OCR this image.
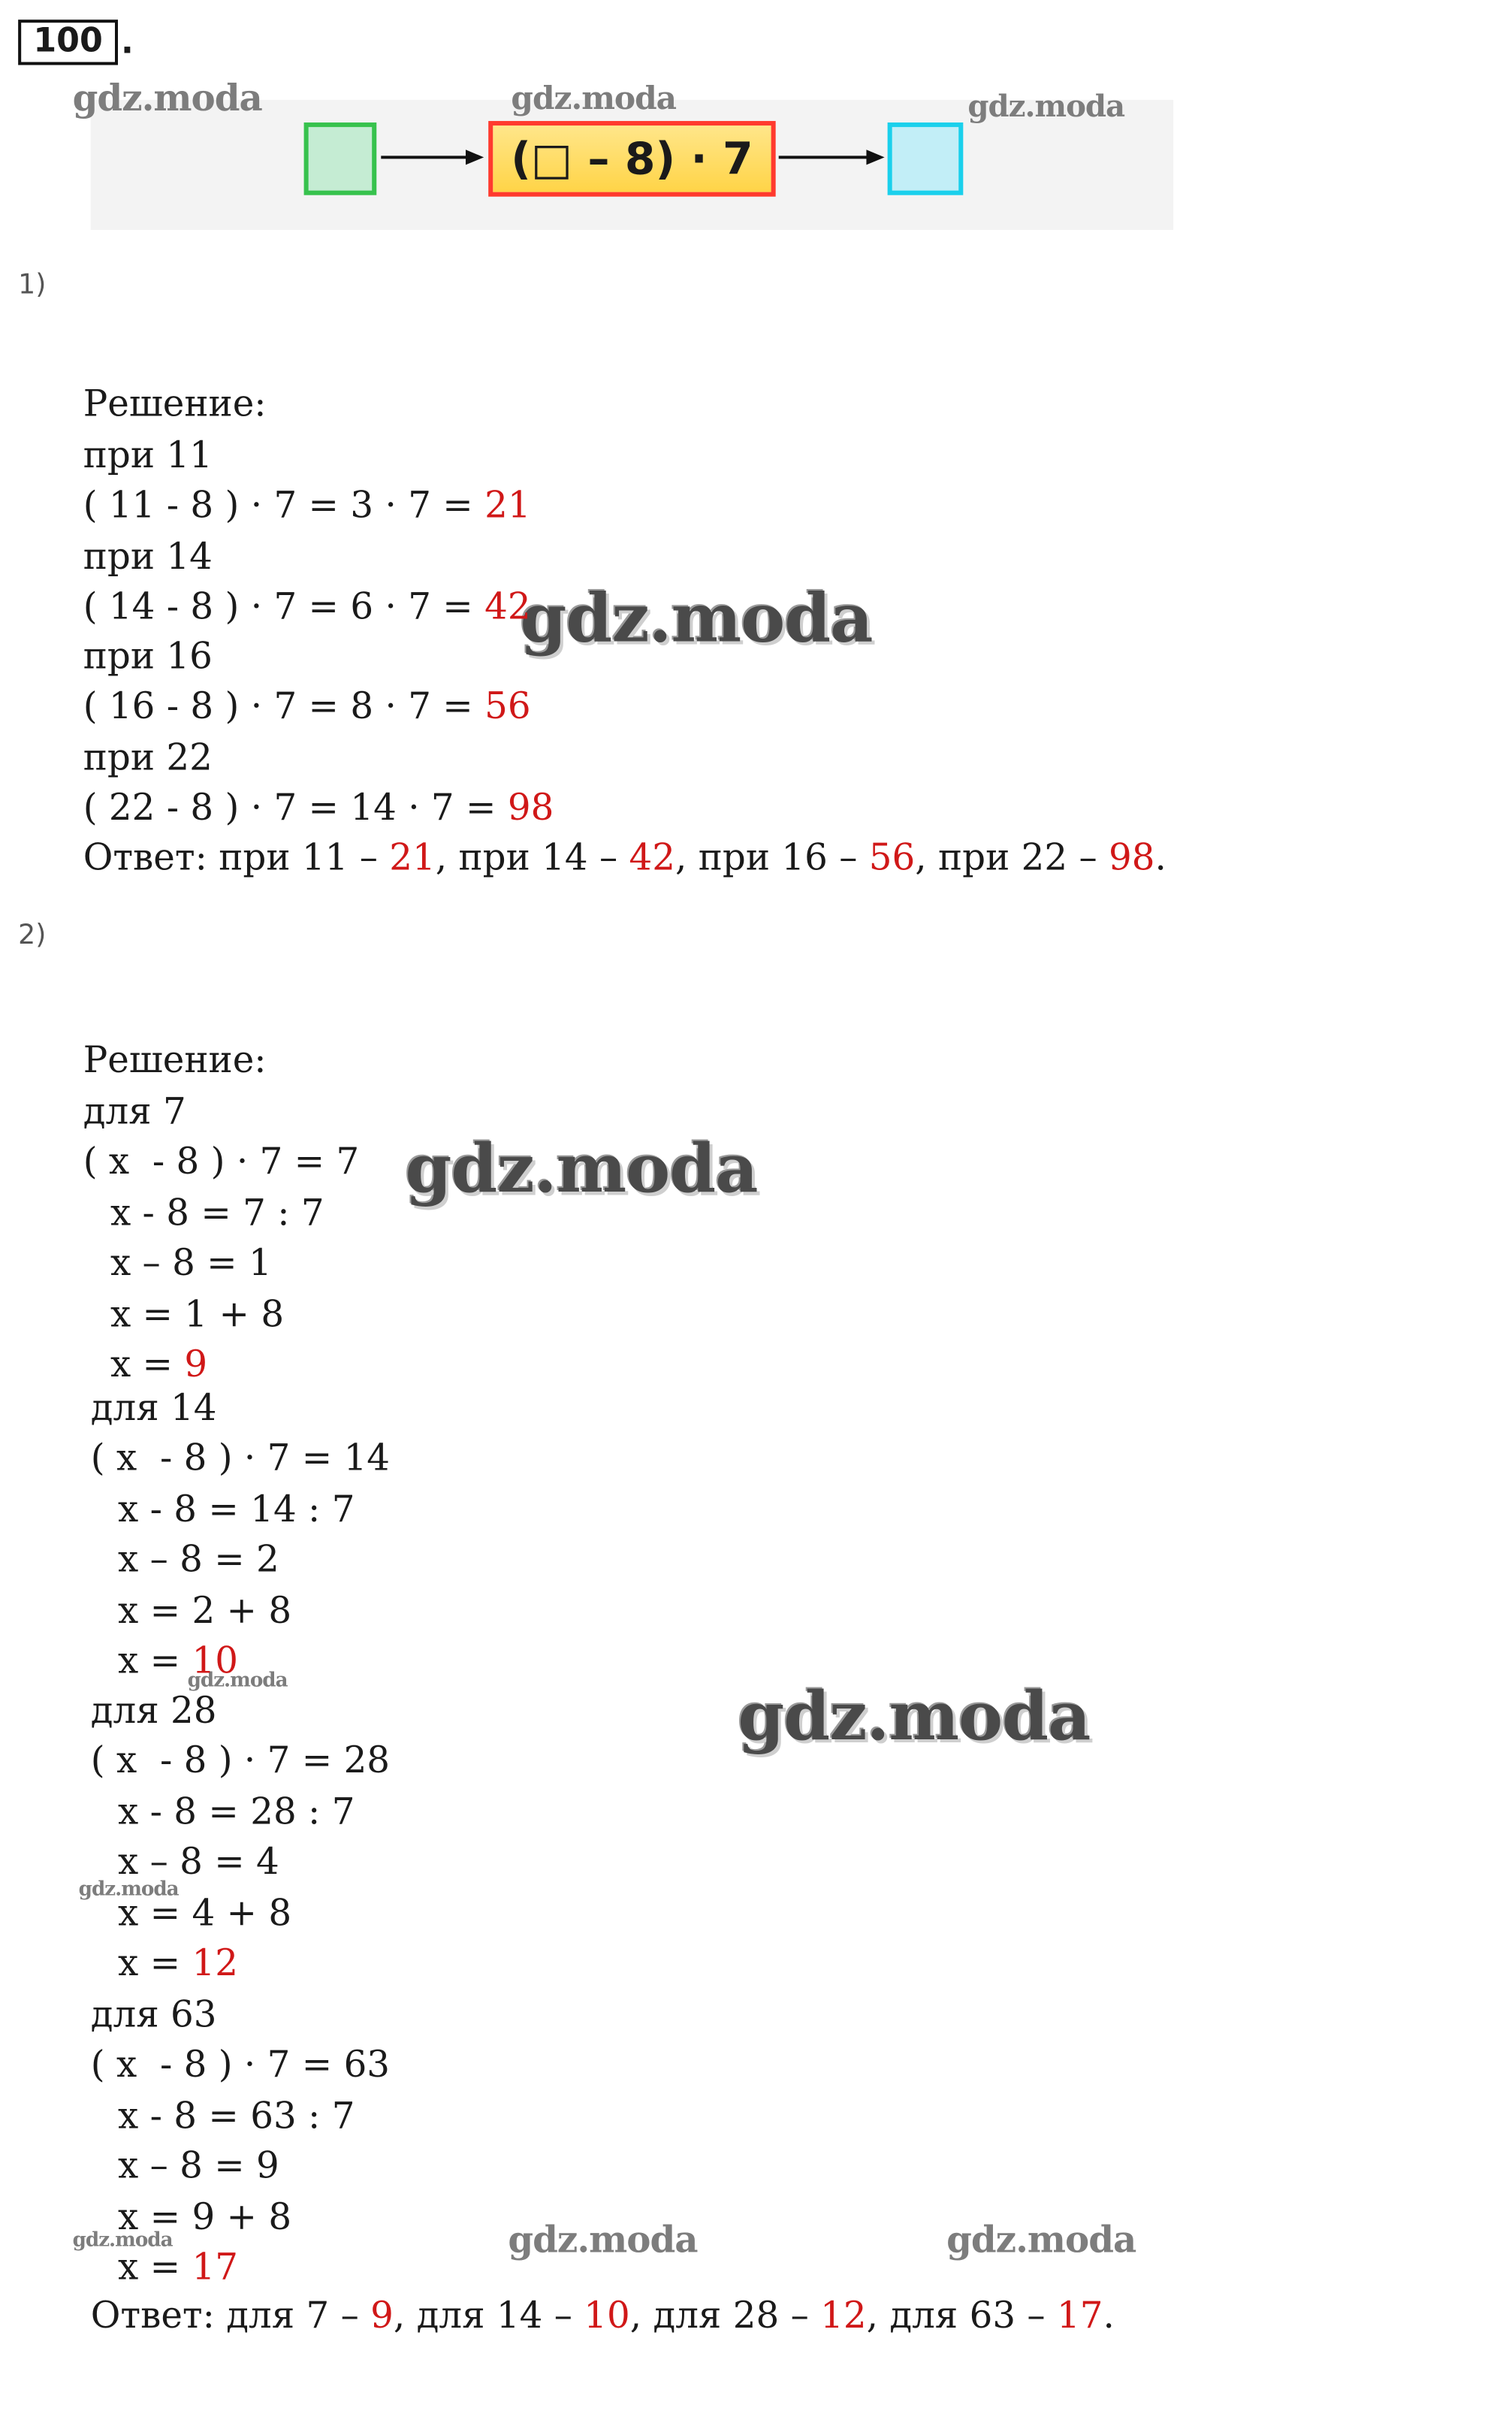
100	.
(□ – 8) · 7
gdz.moda	gdz.moda	gdz.moda
gdz.moda
gdz.moda
gdz.moda
gdz.moda
gdz.moda
gdz.moda	gdz.moda	gdz.moda
1)
Решение:
при 11
( 11 - 8 ) · 7 = 3 · 7 = 21
при 14
( 14 - 8 ) · 7 = 6 · 7 = 42
при 16
( 16 - 8 ) · 7 = 8 · 7 = 56
при 22
( 22 - 8 ) · 7 = 14 · 7 = 98
Ответ: при 11 – 21, при 14 – 42, при 16 – 56, при 22 – 98.
2)
Решение:
для 7
( x  - 8 ) · 7 = 7
x - 8 = 7 : 7
x – 8 = 1
x = 1 + 8
x = 9
для 14
( x  - 8 ) · 7 = 14
x - 8 = 14 : 7
x – 8 = 2
x = 2 + 8
x = 10
для 28
( x  - 8 ) · 7 = 28
x - 8 = 28 : 7
x – 8 = 4
x = 4 + 8
x = 12
для 63
( x  - 8 ) · 7 = 63
x - 8 = 63 : 7
x – 8 = 9
x = 9 + 8
x = 17
Ответ: для 7 – 9, для 14 – 10, для 28 – 12, для 63 – 17.
